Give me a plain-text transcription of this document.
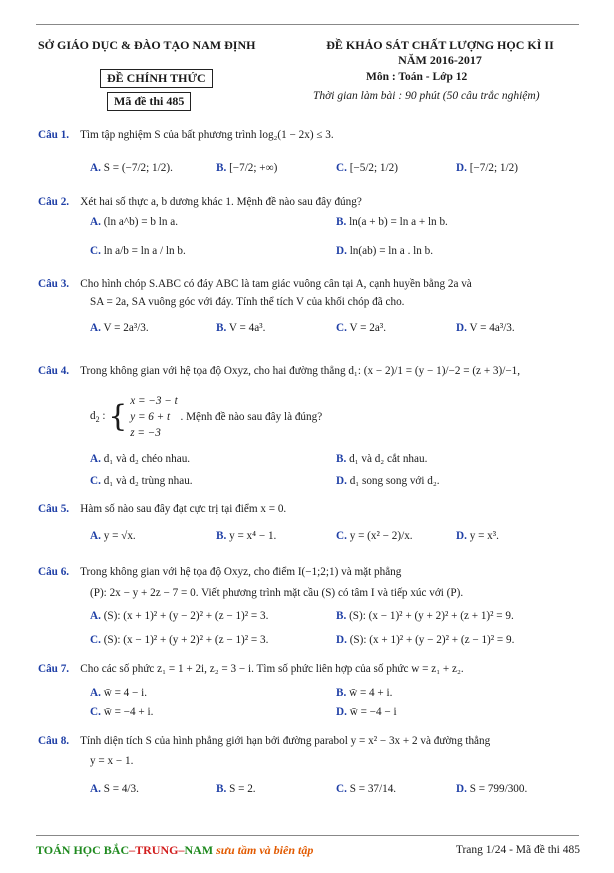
SỞ GIÁO DỤC & ĐÀO TẠO NAM ĐỊNH	ĐỀ KHẢO SÁT CHẤT LƯỢNG HỌC KÌ II
NĂM 2016-2017
ĐỀ CHÍNH THỨC
Mã đề thi 485
Môn : Toán - Lớp 12
Thời gian làm bài : 90 phút (50 câu trắc nghiệm)
Câu 1. Tìm tập nghiệm S của bất phương trình log₂(1 − 2x) ≤ 3.
A. S = (−7/2; 1/2).	B. [−7/2; +∞)	C. [−5/2; 1/2)	D. [−7/2; 1/2)
Câu 2. Xét hai số thực a, b dương khác 1. Mệnh đề nào sau đây đúng?
A. (ln a^b) = b ln a.	B. ln(a + b) = ln a + ln b.
C. ln a/b = ln a / ln b.	D. ln(ab) = ln a . ln b.
Câu 3. Cho hình chóp S.ABC có đáy ABC là tam giác vuông cân tại A, cạnh huyền bằng 2a và
SA = 2a, SA vuông góc với đáy. Tính thể tích V của khối chóp đã cho.
A. V = 2a³/3.	B. V = 4a³.	C. V = 2a³.	D. V = 4a³/3.
Câu 4. Trong không gian với hệ tọa độ Oxyz, cho hai đường thẳng d₁: (x − 2)/1 = (y − 1)/−2 = (z + 3)/−1,
$d_2$ : { x = −3 − t
y = 6 + t
z = −3
. Mệnh đề nào sau đây là đúng?
A. d₁ và d₂ chéo nhau.	B. d₁ và d₂ cắt nhau.
C. d₁ và d₂ trùng nhau.	D. d₁ song song với d₂.
Câu 5. Hàm số nào sau đây đạt cực trị tại điểm x = 0.
A. y = √x.	B. y = x⁴ − 1.	C. y = (x² − 2)/x.	D. y = x³.
Câu 6. Trong không gian với hệ tọa độ Oxyz, cho điểm I(−1;2;1) và mặt phẳng
(P): 2x − y + 2z − 7 = 0. Viết phương trình mặt cầu (S) có tâm I và tiếp xúc với (P).
A. (S): (x + 1)² + (y − 2)² + (z − 1)² = 3.	B. (S): (x − 1)² + (y + 2)² + (z + 1)² = 9.
C. (S): (x − 1)² + (y + 2)² + (z − 1)² = 3.	D. (S): (x + 1)² + (y − 2)² + (z − 1)² = 9.
Câu 7. Cho các số phức z₁ = 1 + 2i, z₂ = 3 − i. Tìm số phức liên hợp của số phức w = z₁ + z₂.
A. w̄ = 4 − i.	B. w̄ = 4 + i.
C. w̄ = −4 + i.	D. w̄ = −4 − i
Câu 8. Tính diện tích S của hình phẳng giới hạn bởi đường parabol y = x² − 3x + 2 và đường thẳng
y = x − 1.
A. S = 4/3.	B. S = 2.	C. S = 37/14.	D. S = 799/300.
TOÁN HỌC BẮC–TRUNG–NAM sưu tầm và biên tập	Trang 1/24 - Mã đề thi 485
